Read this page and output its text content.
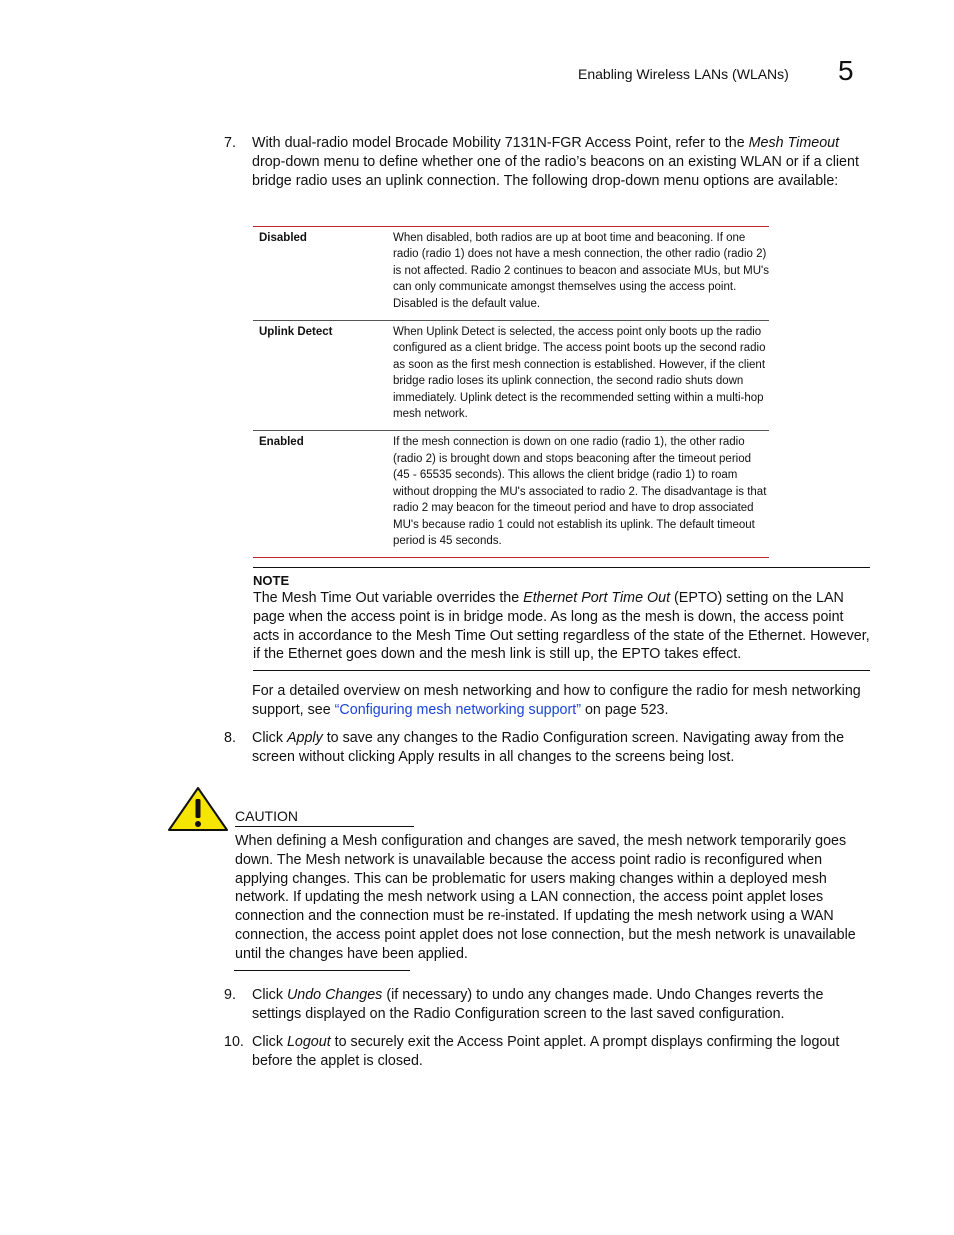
Enabling Wireless LANs (WLANs) 5
7.	With dual-radio model Brocade Mobility 7131N-FGR Access Point, refer to the Mesh Timeout drop-down menu to define whether one of the radio’s beacons on an existing WLAN or if a client bridge radio uses an uplink connection. The following drop-down menu options are available:
Disabled	When disabled, both radios are up at boot time and beaconing. If one radio (radio 1) does not have a mesh connection, the other radio (radio 2) is not affected. Radio 2 continues to beacon and associate MUs, but MU's can only communicate amongst themselves using the access point. Disabled is the default value.
Uplink Detect	When Uplink Detect is selected, the access point only boots up the radio configured as a client bridge. The access point boots up the second radio as soon as the first mesh connection is established. However, if the client bridge radio loses its uplink connection, the second radio shuts down immediately. Uplink detect is the recommended setting within a multi-hop mesh network.
Enabled	If the mesh connection is down on one radio (radio 1), the other radio (radio 2) is brought down and stops beaconing after the timeout period (45 - 65535 seconds). This allows the client bridge (radio 1) to roam without dropping the MU's associated to radio 2. The disadvantage is that radio 2 may beacon for the timeout period and have to drop associated MU's because radio 1 could not establish its uplink. The default timeout period is 45 seconds.
NOTE
The Mesh Time Out variable overrides the Ethernet Port Time Out (EPTO) setting on the LAN page when the access point is in bridge mode. As long as the mesh is down, the access point acts in accordance to the Mesh Time Out setting regardless of the state of the Ethernet. However, if the Ethernet goes down and the mesh link is still up, the EPTO takes effect.
For a detailed overview on mesh networking and how to configure the radio for mesh networking support, see “Configuring mesh networking support” on page 523.
8.	Click Apply to save any changes to the Radio Configuration screen. Navigating away from the screen without clicking Apply results in all changes to the screens being lost.
CAUTION
When defining a Mesh configuration and changes are saved, the mesh network temporarily goes down. The Mesh network is unavailable because the access point radio is reconfigured when applying changes. This can be problematic for users making changes within a deployed mesh network. If updating the mesh network using a LAN connection, the access point applet loses connection and the connection must be re-instated. If updating the mesh network using a WAN connection, the access point applet does not lose connection, but the mesh network is unavailable until the changes have been applied.
9.	Click Undo Changes (if necessary) to undo any changes made. Undo Changes reverts the settings displayed on the Radio Configuration screen to the last saved configuration.
10. Click Logout to securely exit the Access Point applet. A prompt displays confirming the logout before the applet is closed.
